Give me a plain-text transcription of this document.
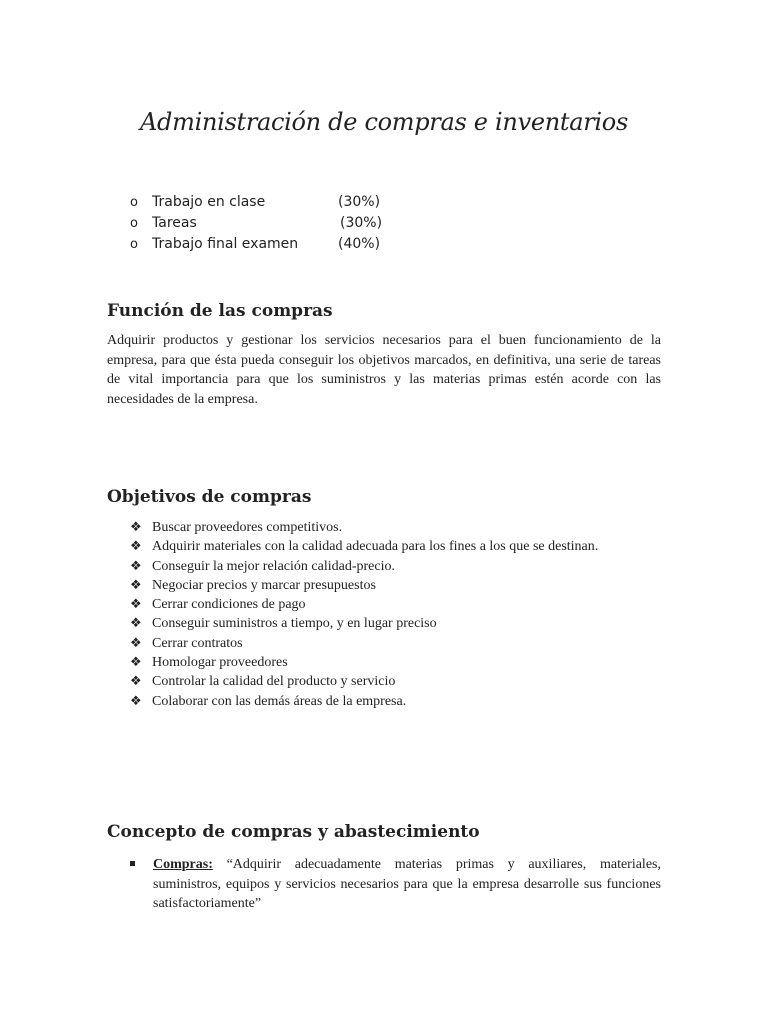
Administración de compras e inventarios
o	Trabajo en clase	(30%)
o	Tareas	(30%)
o	Trabajo final examen	(40%)
Función de las compras
Adquirir productos y gestionar los servicios necesarios para el buen funcionamiento de la empresa, para que ésta pueda conseguir los objetivos marcados, en definitiva, una serie de tareas de vital importancia para que los suministros y las materias primas estén acorde con las necesidades de la empresa.
Objetivos de compras
❖ Buscar proveedores competitivos.
❖ Adquirir materiales con la calidad adecuada para los fines a los que se destinan.
❖ Conseguir la mejor relación calidad-precio.
❖ Negociar precios y marcar presupuestos
❖ Cerrar condiciones de pago
❖ Conseguir suministros a tiempo, y en lugar preciso
❖ Cerrar contratos
❖ Homologar proveedores
❖ Controlar la calidad del producto y servicio
❖ Colaborar con las demás áreas de la empresa.
Concepto de compras y abastecimiento
Compras: “Adquirir adecuadamente materias primas y auxiliares, materiales, suministros, equipos y servicios necesarios para que la empresa desarrolle sus funciones satisfactoriamente”
